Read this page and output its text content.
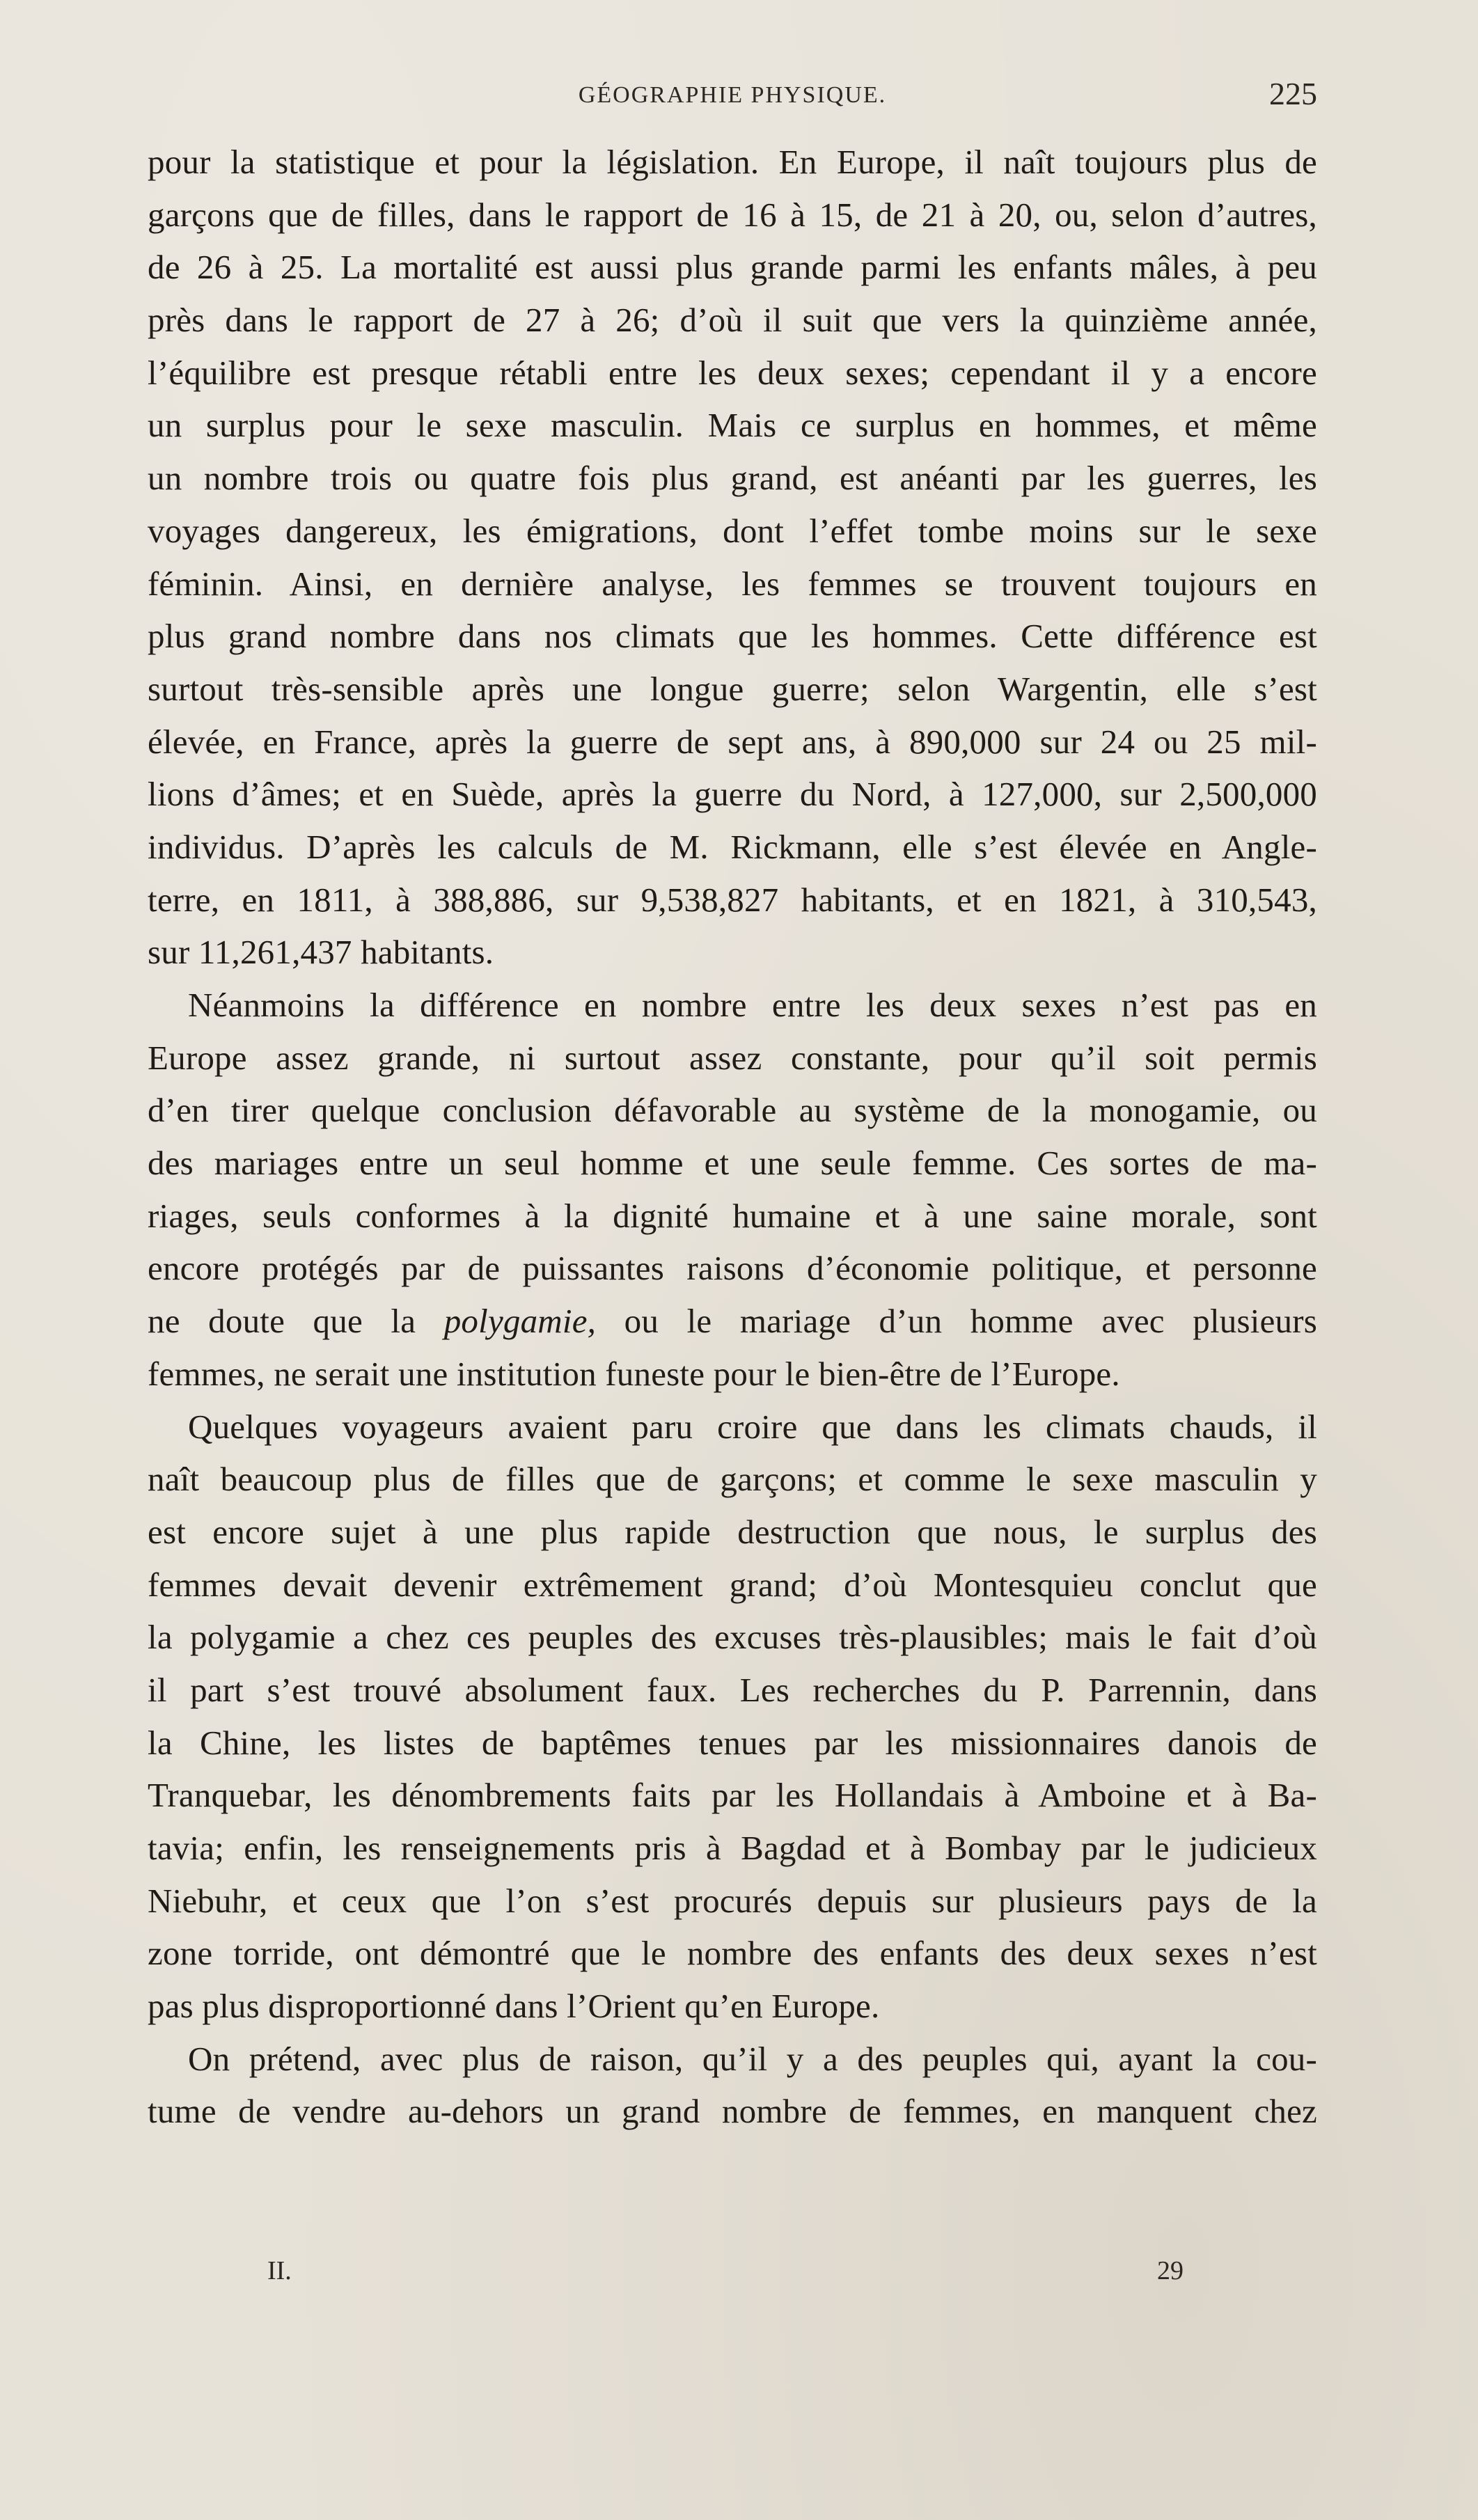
GÉOGRAPHIE PHYSIQUE.	225
pour la statistique et pour la législation. En Europe, il naît toujours plus de
garçons que de filles, dans le rapport de 16 à 15, de 21 à 20, ou, selon d’autres,
de 26 à 25. La mortalité est aussi plus grande parmi les enfants mâles, à peu
près dans le rapport de 27 à 26; d’où il suit que vers la quinzième année,
l’équilibre est presque rétabli entre les deux sexes; cependant il y a encore
un surplus pour le sexe masculin. Mais ce surplus en hommes, et même
un nombre trois ou quatre fois plus grand, est anéanti par les guerres, les
voyages dangereux, les émigrations, dont l’effet tombe moins sur le sexe
féminin. Ainsi, en dernière analyse, les femmes se trouvent toujours en
plus grand nombre dans nos climats que les hommes. Cette différence est
surtout très-sensible après une longue guerre; selon Wargentin, elle s’est
élevée, en France, après la guerre de sept ans, à 890,000 sur 24 ou 25 mil-
lions d’âmes; et en Suède, après la guerre du Nord, à 127,000, sur 2,500,000
individus. D’après les calculs de M. Rickmann, elle s’est élevée en Angle-
terre, en 1811, à 388,886, sur 9,538,827 habitants, et en 1821, à 310,543,
sur 11,261,437 habitants.
Néanmoins la différence en nombre entre les deux sexes n’est pas en
Europe assez grande, ni surtout assez constante, pour qu’il soit permis
d’en tirer quelque conclusion défavorable au système de la monogamie, ou
des mariages entre un seul homme et une seule femme. Ces sortes de ma-
riages, seuls conformes à la dignité humaine et à une saine morale, sont
encore protégés par de puissantes raisons d’économie politique, et personne
ne doute que la polygamie, ou le mariage d’un homme avec plusieurs
femmes, ne serait une institution funeste pour le bien-être de l’Europe.
Quelques voyageurs avaient paru croire que dans les climats chauds, il
naît beaucoup plus de filles que de garçons; et comme le sexe masculin y
est encore sujet à une plus rapide destruction que nous, le surplus des
femmes devait devenir extrêmement grand; d’où Montesquieu conclut que
la polygamie a chez ces peuples des excuses très-plausibles; mais le fait d’où
il part s’est trouvé absolument faux. Les recherches du P. Parrennin, dans
la Chine, les listes de baptêmes tenues par les missionnaires danois de
Tranquebar, les dénombrements faits par les Hollandais à Amboine et à Ba-
tavia; enfin, les renseignements pris à Bagdad et à Bombay par le judicieux
Niebuhr, et ceux que l’on s’est procurés depuis sur plusieurs pays de la
zone torride, ont démontré que le nombre des enfants des deux sexes n’est
pas plus disproportionné dans l’Orient qu’en Europe.
On prétend, avec plus de raison, qu’il y a des peuples qui, ayant la cou-
tume de vendre au-dehors un grand nombre de femmes, en manquent chez
II.	29
